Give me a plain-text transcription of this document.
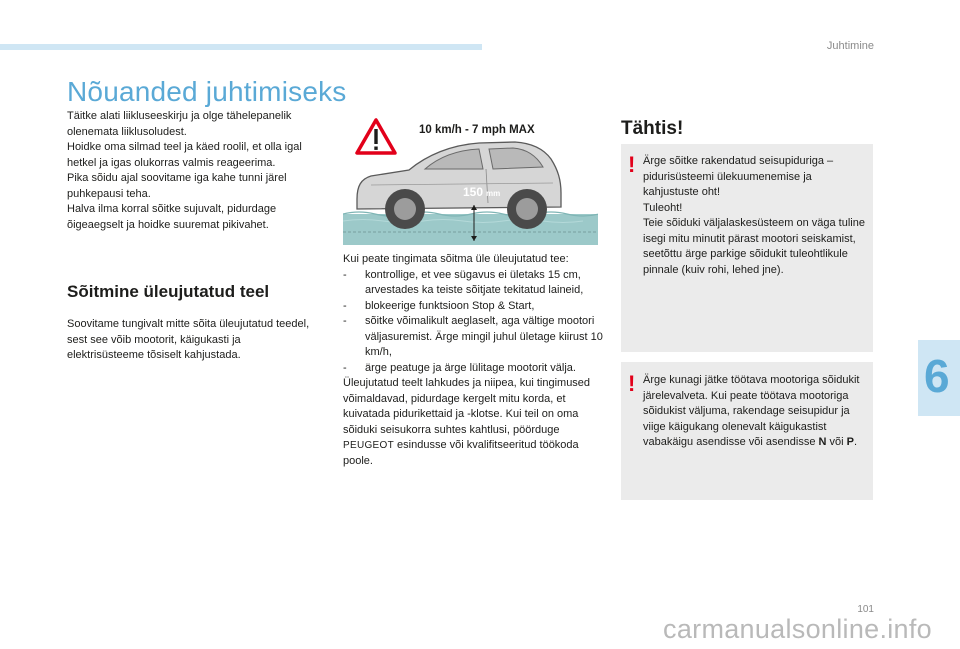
Juhtimine
Nõuanded juhtimiseks

Täitke alati liikluseeskirju ja olge tähelepanelik olenemata liiklusoludest.

Hoidke oma silmad teel ja käed roolil, et olla igal hetkel ja igas olukorras valmis reageerima.

Pika sõidu ajal soovitame iga kahe tunni järel puhkepausi teha.

Halva ilma korral sõitke sujuvalt, pidurdage õigeaegselt ja hoidke suuremat pikivahet.

Sõitmine üleujutatud teel

Soovitame tungivalt mitte sõita üleujutatud teedel, sest see võib mootorit, käigukasti ja elektrisüsteeme tõsiselt kahjustada.

10 km/h - 7 mph MAX
150 mm

Kui peate tingimata sõitma üle üleujutatud tee:

-	kontrollige, et vee sügavus ei ületaks 15 cm, arvestades ka teiste sõitjate tekitatud laineid,
-	blokeerige funktsioon Stop & Start,
-	sõitke võimalikult aeglaselt, aga vältige mootori väljasuremist. Ärge mingil juhul ületage kiirust 10 km/h,
-	ärge peatuge ja ärge lülitage mootorit välja.

Üleujutatud teelt lahkudes ja niipea, kui tingimused võimaldavad, pidurdage kergelt mitu korda, et kuivatada pidurikettaid ja -klotse. Kui teil on oma sõiduki seisukorra suhtes kahtlusi, pöörduge PEUGEOT esindusse või kvalifitseeritud töökoda poole.

Tähtis!
! Ärge sõitke rakendatud seisupiduriga – pidurisüsteemi ülekuumenemise ja kahjustuste oht!

Tuleoht!

Teie sõiduki väljalaskesüsteem on väga tuline isegi mitu minutit pärast mootori seiskamist, seetõttu ärge parkige sõidukit tuleohtlikule pinnale (kuiv rohi, lehed jne).

! Ärge kunagi jätke töötava mootoriga sõidukit järelevalveta. Kui peate töötava mootoriga sõidukist väljuma, rakendage seisupidur ja viige käigukang olenevalt käigukastist vabakäigu asendisse või asendisse N või P.

6
101
carmanualsonline.info
